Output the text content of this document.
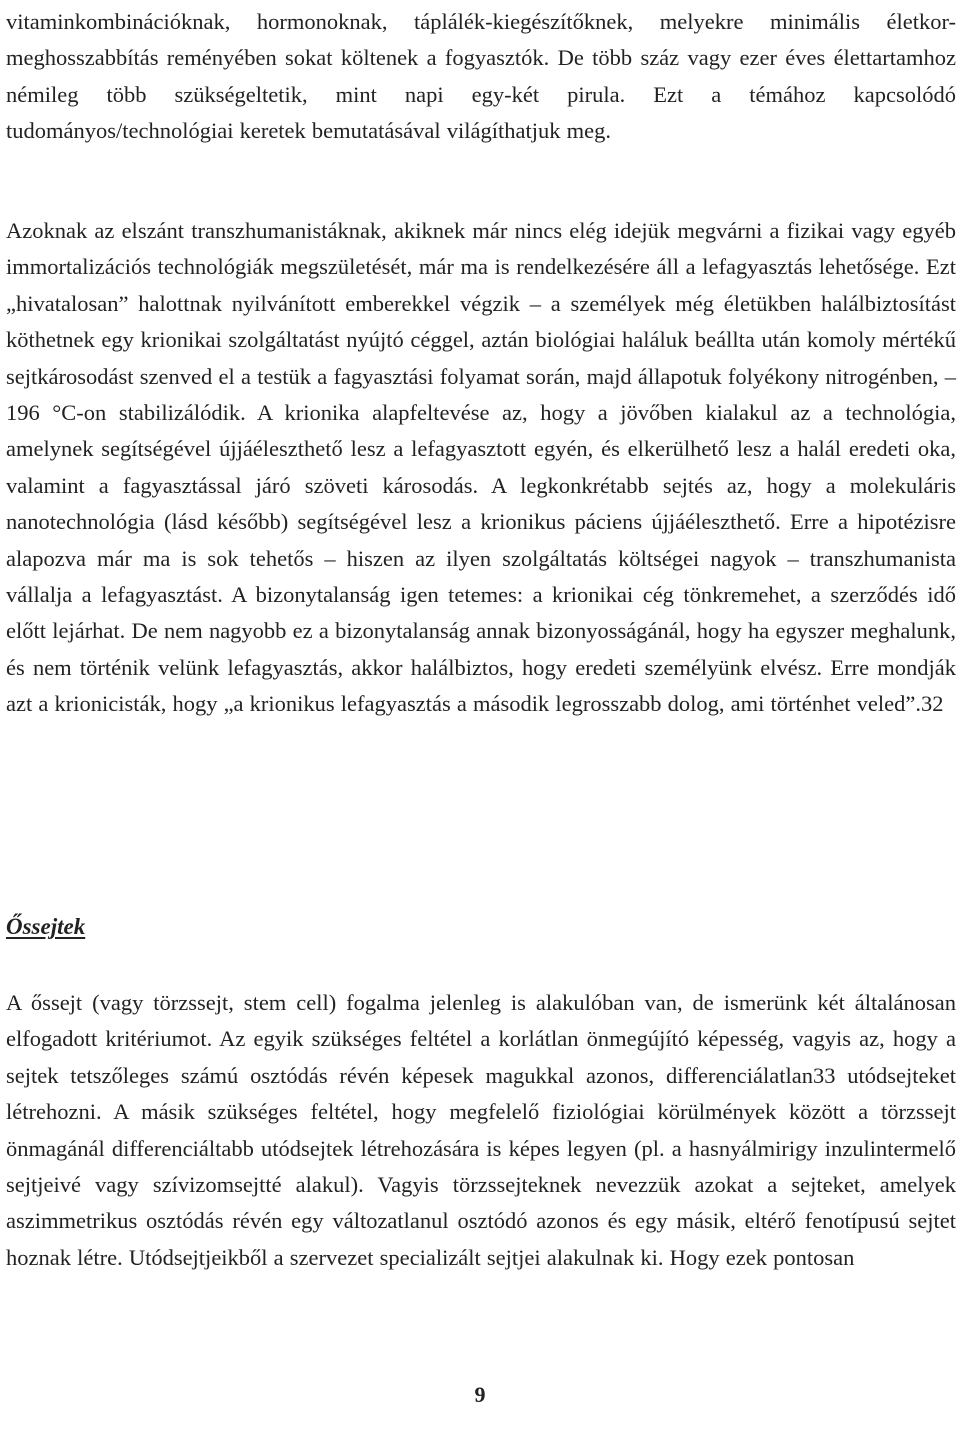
vitaminkombinációknak, hormonoknak, táplálék-kiegészítőknek, melyekre minimális életkor-meghosszabbítás reményében sokat költenek a fogyasztók. De több száz vagy ezer éves élettartamhoz némileg több szükségeltetik, mint napi egy-két pirula. Ezt a témához kapcsolódó tudományos/technológiai keretek bemutatásával világíthatjuk meg.

Azoknak az elszánt transzhumanistáknak, akiknek már nincs elég idejük megvárni a fizikai vagy egyéb immortalizációs technológiák megszületését, már ma is rendelkezésére áll a lefagyasztás lehetősége. Ezt „hivatalosan” halottnak nyilvánított emberekkel végzik – a személyek még életükben halálbiztosítást köthetnek egy krionikai szolgáltatást nyújtó céggel, aztán biológiai haláluk beállta után komoly mértékű sejtkárosodást szenved el a testük a fagyasztási folyamat során, majd állapotuk folyékony nitrogénben, –196 °C-on stabilizálódik. A krionika alapfeltevése az, hogy a jövőben kialakul az a technológia, amelynek segítségével újjáéleszthető lesz a lefagyasztott egyén, és elkerülhető lesz a halál eredeti oka, valamint a fagyasztással járó szöveti károsodás. A legkonkrétabb sejtés az, hogy a molekuláris nanotechnológia (lásd később) segítségével lesz a krionikus páciens újjáéleszthető. Erre a hipotézisre alapozva már ma is sok tehetős – hiszen az ilyen szolgáltatás költségei nagyok – transzhumanista vállalja a lefagyasztást. A bizonytalanság igen tetemes: a krionikai cég tönkremehet, a szerződés idő előtt lejárhat. De nem nagyobb ez a bizonytalanság annak bizonyosságánál, hogy ha egyszer meghalunk, és nem történik velünk lefagyasztás, akkor halálbiztos, hogy eredeti személyünk elvész. Erre mondják azt a krionicisták, hogy „a krionikus lefagyasztás a második legrosszabb dolog, ami történhet veled”.32

Őssejtek

A őssejt (vagy törzssejt, stem cell) fogalma jelenleg is alakulóban van, de ismerünk két általánosan elfogadott kritériumot. Az egyik szükséges feltétel a korlátlan önmegújító képesség, vagyis az, hogy a sejtek tetszőleges számú osztódás révén képesek magukkal azonos, differenciálatlan33 utódsejteket létrehozni. A másik szükséges feltétel, hogy megfelelő fiziológiai körülmények között a törzssejt önmagánál differenciáltabb utódsejtek létrehozására is képes legyen (pl. a hasnyálmirigy inzulintermelő sejtjeivé vagy szívizomsejtté alakul). Vagyis törzssejteknek nevezzük azokat a sejteket, amelyek aszimmetrikus osztódás révén egy változatlanul osztódó azonos és egy másik, eltérő fenotípusú sejtet hoznak létre. Utódsejtjeikből a szervezet specializált sejtjei alakulnak ki. Hogy ezek pontosan

9
